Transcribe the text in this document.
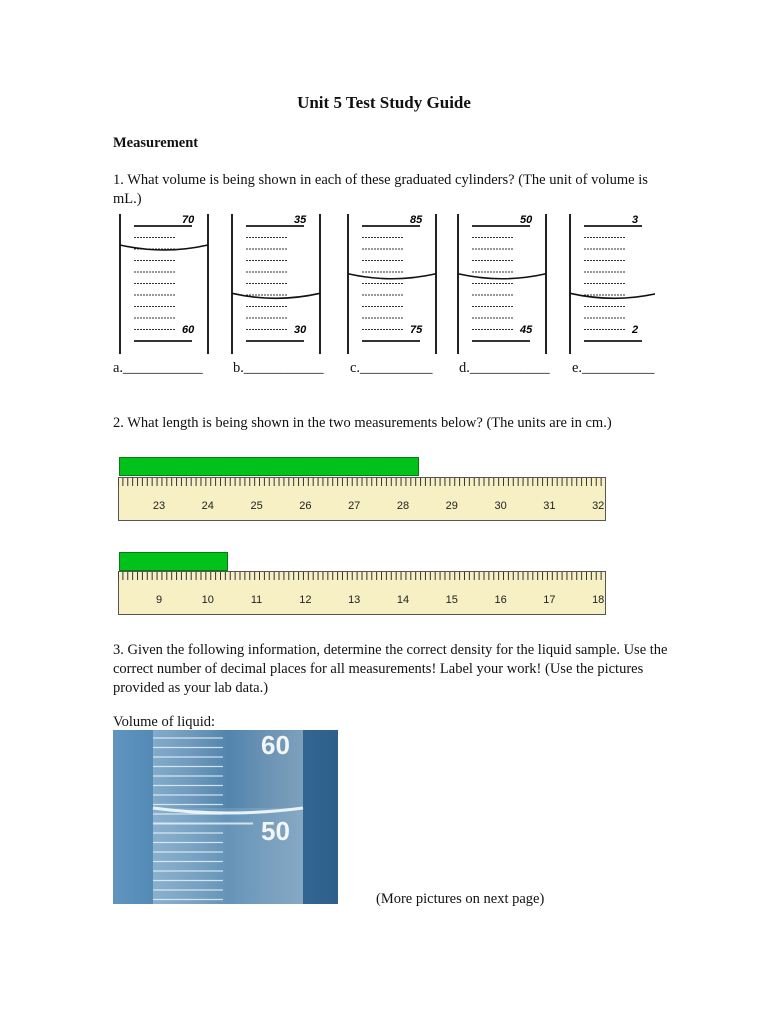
Unit 5 Test Study Guide
Measurement
1. What volume is being shown in each of these graduated cylinders? (The unit of volume is mL.)
70
60
35
30
85
75
50
45
3
2
a.___________ b.___________ c.__________ d.___________ e.__________
2. What length is being shown in the two measurements below? (The units are in cm.)
23	24	25	26	27	28	29	30	31	32
9	10	11	12	13	14	15	16	17	18
3. Given the following information, determine the correct density for the liquid sample. Use the correct number of decimal places for all measurements! Label your work! (Use the pictures provided as your lab data.)
Volume of liquid:
60
50
(More pictures on next page)
